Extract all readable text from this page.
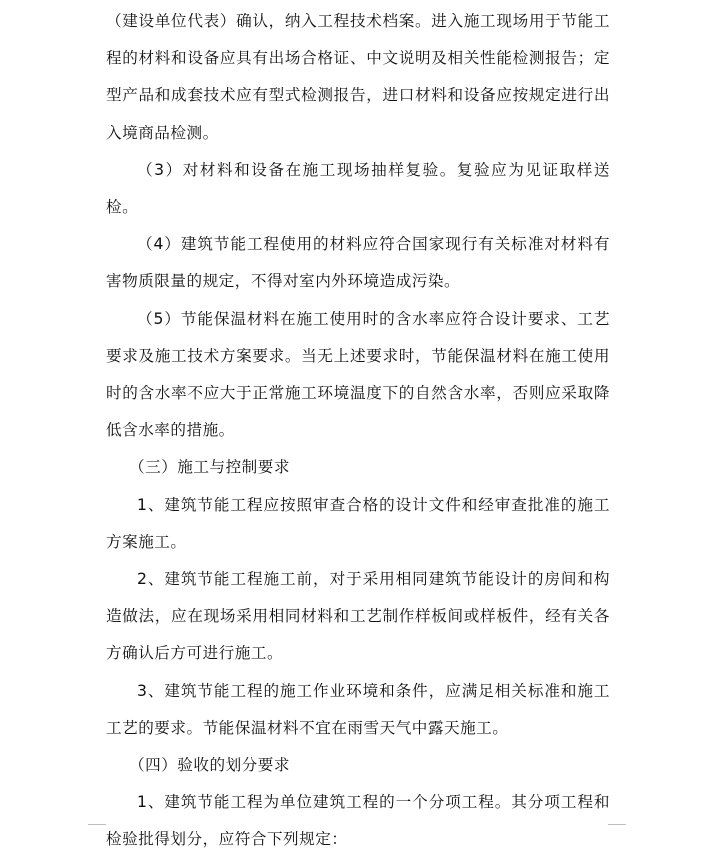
（建设单位代表）确认，纳入工程技术档案。进入施工现场用于节能工程的材料和设备应具有出场合格证、中文说明及相关性能检测报告；定型产品和成套技术应有型式检测报告，进口材料和设备应按规定进行出入境商品检测。

（3）对材料和设备在施工现场抽样复验。复验应为见证取样送检。

（4）建筑节能工程使用的材料应符合国家现行有关标准对材料有害物质限量的规定，不得对室内外环境造成污染。

（5）节能保温材料在施工使用时的含水率应符合设计要求、工艺要求及施工技术方案要求。当无上述要求时，节能保温材料在施工使用时的含水率不应大于正常施工环境温度下的自然含水率，否则应采取降低含水率的措施。

（三）施工与控制要求

1、建筑节能工程应按照审查合格的设计文件和经审查批准的施工方案施工。

2、建筑节能工程施工前，对于采用相同建筑节能设计的房间和构造做法，应在现场采用相同材料和工艺制作样板间或样板件，经有关各方确认后方可进行施工。

3、建筑节能工程的施工作业环境和条件，应满足相关标准和施工工艺的要求。节能保温材料不宜在雨雪天气中露天施工。

（四）验收的划分要求

1、建筑节能工程为单位建筑工程的一个分项工程。其分项工程和检验批得划分，应符合下列规定：
